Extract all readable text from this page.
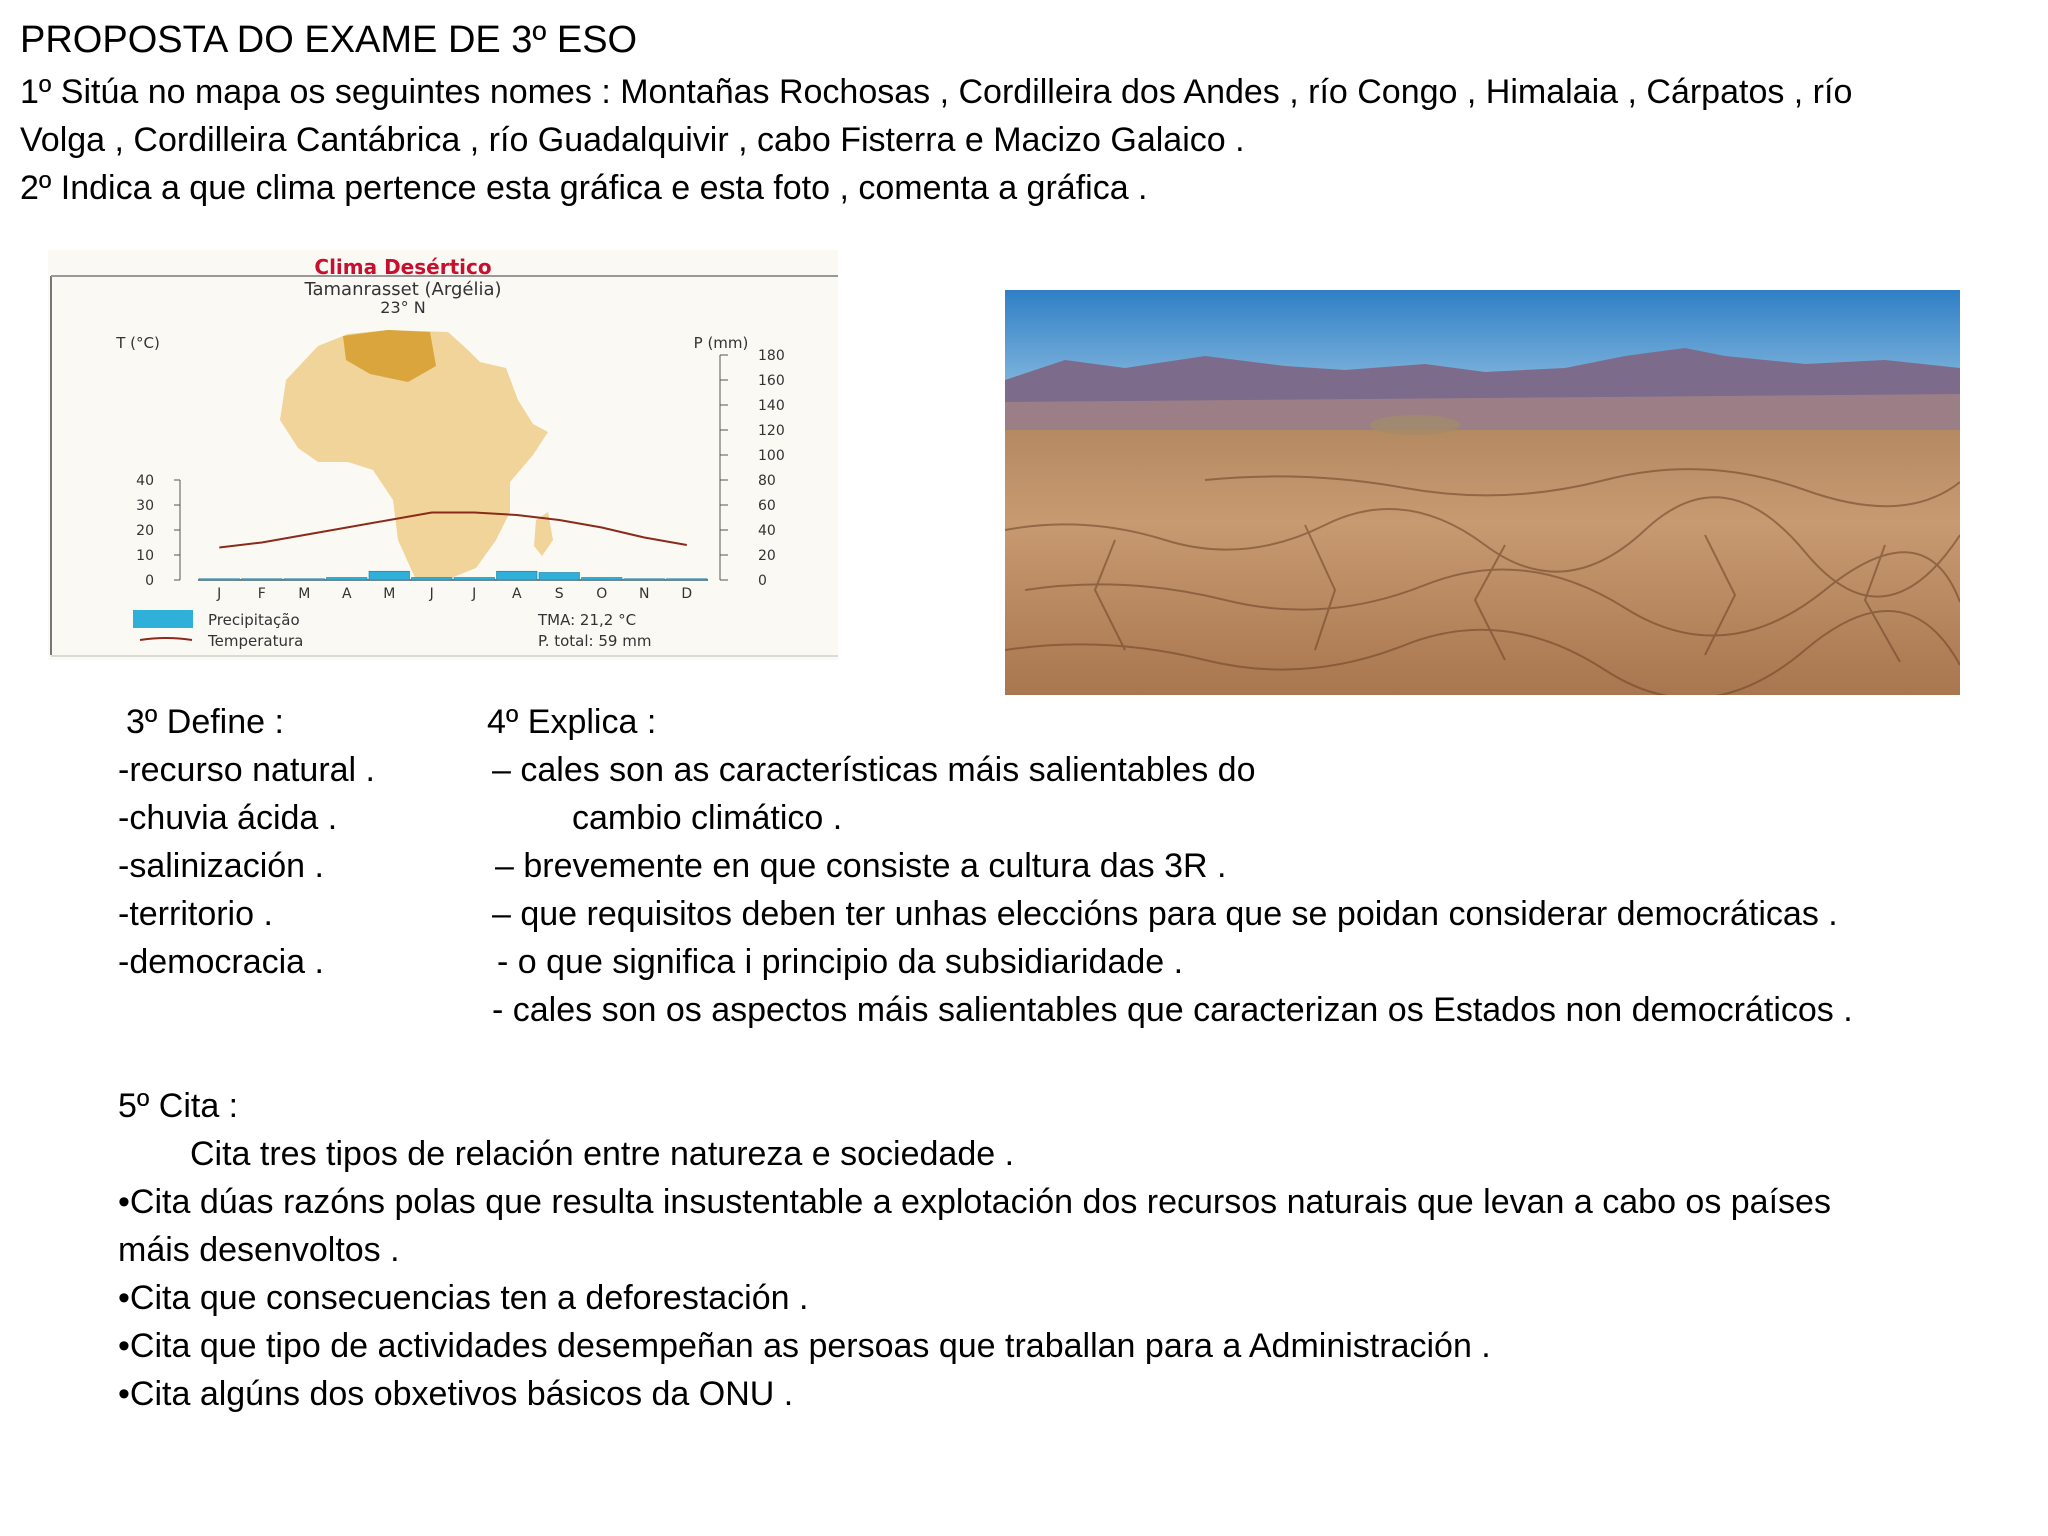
PROPOSTA DO EXAME DE 3º ESO
1º Sitúa no mapa os seguintes nomes : Montañas Rochosas , Cordilleira dos Andes , río Congo , Himalaia , Cárpatos , río
Volga , Cordilleira Cantábrica , río Guadalquivir , cabo Fisterra e Macizo Galaico .
2º Indica a que clima pertence esta gráfica e esta foto , comenta a gráfica .
Clima Desértico
Tamanrasset (Argélia)
23° N
T (°C)	P (mm)
0
10
20
30
40
0
20
40
60
80
100
120
140
160
180
J	F M A M J	J	A S O N D
Precipitação
Temperatura
TMA: 21,2 °C
P. total: 59 mm
3º Define :
-recurso natural .
-chuvia ácida .
-salinización .
-territorio .
-democracia .
4º Explica :
– cales son as características máis salientables do
cambio climático .
– brevemente en que consiste a cultura das 3R .
– que requisitos deben ter unhas eleccións para que se poidan considerar democráticas .
- o que significa i principio da subsidiaridade .
- cales son os aspectos máis salientables que caracterizan os Estados non democráticos .
5º Cita :
Cita tres tipos de relación entre natureza e sociedade .
•Cita dúas razóns polas que resulta insustentable a explotación dos recursos naturais que levan a cabo os países
máis desenvoltos .
•Cita que consecuencias ten a deforestación .
•Cita que tipo de actividades desempeñan as persoas que traballan para a Administración .
•Cita algúns dos obxetivos básicos da ONU .
